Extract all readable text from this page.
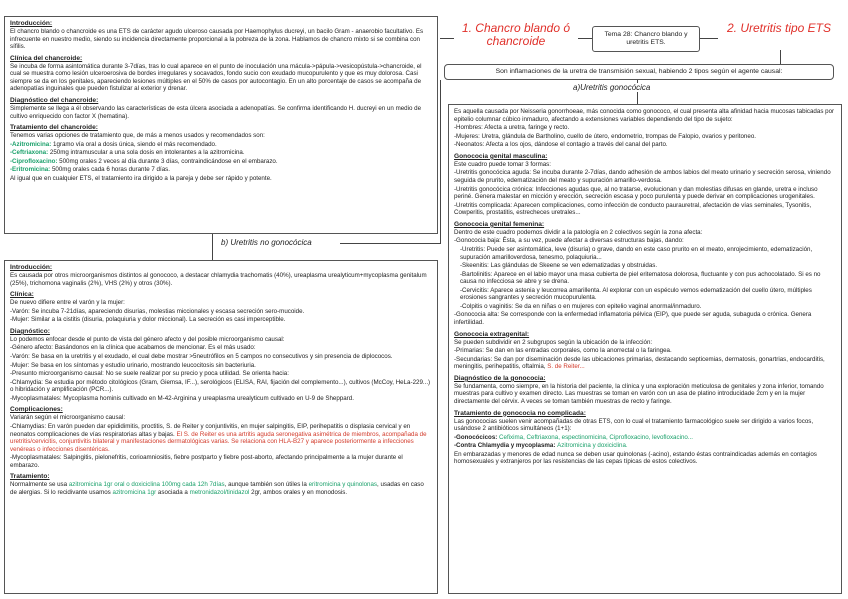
1. Chancro blando ó chancroide
2. Uretritis tipo ETS
Tema 28: Chancro blando y uretritis ETS.
Son inflamaciones de la uretra de transmisión sexual, habiendo 2 tipos según el agente causal:
a)Uretritis gonocócica
b) Uretritis no gonocócica
Introducción:

El chancro blando o chancroide es una ETS de carácter agudo ulceroso causada por Haemophylus ducreyi, un bacilo Gram - anaerobio facultativo. Es infrecuente en nuestro medio, siendo su incidencia directamente proporcional a la pobreza de la zona. Hablamos de chancro mixto si se combina con sífilis.

Clínica del chancroide:

Se incuba de forma asintomática durante 3-7días, tras lo cual aparece en el punto de inoculación una mácula->pápula->vesicopústula->chancroide, el cual se muestra como lesión ulceroerosiva de bordes irregulares y socavados, fondo sucio con exudado mucopurulento y que es muy dolorosa. Casi siempre se da en los genitales, apareciendo lesiones múltiples en el 50% de casos por autocontagio. En un alto porcentaje de casos se acompaña de adenopatías inguinales que pueden fistulizar al exterior y drenar.

Diagnóstico del chancroide:

Simplemente se llega a él observando las características de esta úlcera asociada a adenopatías. Se confirma identificando H. ducreyi en un medio de cultivo enriquecido con factor X (hematina).

Tratamiento del chancroide:

Tenemos varias opciones de tratamiento que, de más a menos usados y recomendados son:

-Azitromicina: 1gramo vía oral a dosis única, siendo el más recomendado.

-Ceftriaxona: 250mg intramuscular a una sola dosis en intolerantes a la azitromicina.

-Ciprofloxacino: 500mg orales 2 veces al día durante 3 días, contraindicándose en el embarazo.

-Eritromicina: 500mg orales cada 6 horas durante 7 días.

Al igual que en cualquier ETS, el tratamiento ira dirigido a la pareja y debe ser rápido y potente.

Introducción:

Es causada por otros microorganismos distintos al gonococo, a destacar chlamydia trachomatis (40%), ureaplasma urealyticum+mycoplasma genitalum (25%), trichomona vaginalis (2%), VHS (2%) y otros (30%).

Clínica:

De nuevo difiere entre el varón y la mujer:

-Varón: Se incuba 7-21días, apareciendo disurias, molestias miccionales y escasa secreción sero-mucoide.

-Mujer: Similar a la cistitis (disuria, polaquiuria y dolor miccional). La secreción es casi imperceptible.

Diagnóstico:

Lo podemos enfocar desde el punto de vista del género afecto y del posible microorganismo causal:

-Género afecto: Basándonos en la clínica que acabamos de mencionar. Es el más usado:

-Varón: Se basa en la uretritis y el exudado, el cual debe mostrar >5neutrófilos en 5 campos no consecutivos y sin presencia de diplococos.

-Mujer: Se basa en los síntomas y estudio urinario, mostrando leucocitosis sin bacteriuria.

-Presunto microorganismo causal: No se suele realizar por su precio y poca utilidad. Se orienta hacia:

-Chlamydia: Se estudia por método citológicos (Gram, Giemsa, IF...), serológicos (ELISA, RAI, fijación del complemento...), cultivos (McCoy, HeLa-229...) o hibridación y amplificación (PCR...).

-Mycoplasmatales: Mycoplasma hominis cultivado en M-42-Arginina y ureaplasma urealyticum cultivado en U-9 de Sheppard.

Complicaciones:

Variarán según el microorganismo causal:

-Chlamydias: En varón pueden dar epididimitis, proctitis, S. de Reiter y conjuntivitis, en mujer salpingitis, EIP, perihepatitis o displasia cervical y en neonatos complicaciones de vías respiratorias altas y bajas. El S. de Reiter es una artritis aguda seronegativa asimétrica de miembros, acompañada de uretritis/cervicitis, conjuntivitis bilateral y manifestaciones dermatológicas varias. Se relaciona con HLA-B27 y aparece posteriormente a infecciones venéreas o infecciones disentéricas.

-Mycoplasmatales: Salpingitis, pielonefritis, corioamniositis, fiebre postparto y fiebre post-aborto, afectando principalmente a la mujer durante el embarazo.

Tratamiento:

Normalmente se usa azitromicina 1gr oral o doxiciclina 100mg cada 12h 7días, aunque también son útiles la eritromicina y quinolonas, usadas en caso de alergias. Si lo recidivante usamos azitromicina 1gr asociada a metronidazol/tinidazol 2gr, ambos orales y en monodosis.

Es aquella causada por Neisseria gonorrhoeae, más conocida como gonococo, el cual presenta alta afinidad hacia mucosas tabicadas por epitelio columnar cúbico inmaduro, afectando a extensiones variables dependiendo del tipo de sujeto:

-Hombres: Afecta a uretra, faringe y recto.

-Mujeres: Uretra, glándula de Bartholino, cuello de útero, endometrio, trompas de Falopio, ovarios y peritoneo.

-Neonatos: Afecta a los ojos, dándose el contagio a través del canal del parto.

Gonococia genital masculina:

Este cuadro puede tomar 3 formas:

-Uretritis gonocócica aguda: Se incuba durante 2-7días, dando adhesión de ambos labios del meato urinario y secreción serosa, viniendo seguida de prurito, edematización del meato y supuración amarillo-verdosa.

-Uretritis gonocócica crónica: Infecciones agudas que, al no tratarse, evolucionan y dan molestias difusas en glande, uretra e incluso periné. Genera malestar en micción y erección, secreción escasa y poco purulenta y puede derivar en complicaciones urogenitales.

-Uretritis complicada: Aparecen complicaciones, como infección de conducto paurauretral, afectación de vías seminales, Tysonitis, Cowperitis, prostatitis, estrecheces uretrales...

Gonococia genital femenina:

Dentro de este cuadro podemos dividir a la patología en 2 colectivos según la zona afecta:

-Gonococia baja: Ésta, a su vez, puede afectar a diversas estructuras bajas, dando:

-Uretritis: Puede ser asintomática, leve (disuria) o grave, dando en este caso prurito en el meato, enrojecimiento, edematización, supuración amarilloverdosa, tenesmo, polaquiuria...

-Skeenitis: Las glándulas de Skeene se ven edematizadas y obstruidas.

-Bartolinitis: Aparece en el labio mayor una masa cubierta de piel eritematosa dolorosa, fluctuante y con pus achocolatado. Si es no causa no infecciosa se abre y se drena.

-Cervicitis: Aparece astenia y leucorrea amarillenta. Al explorar con un espéculo vemos edematización del cuello útero, múltiples erosiones sangrantes y secreción mucopurulenta.

-Colpitis o vaginitis: Se da en niñas o en mujeres con epitelio vaginal anormal/inmaduro.

-Gonococia alta: Se corresponde con la enfermedad inflamatoria pélvica (EIP), que puede ser aguda, subaguda o crónica. Genera infertilidad.

Gonococia extragenital:

Se pueden subdividir en 2 subgrupos según la ubicación de la infección:

-Primarias: Se dan en las entradas corporales, como la anorrectal o la faringea.

-Secundarias: Se dan por diseminación desde las ubicaciones primarias, destacando septicemias, dermatosis, gonartrias, endocarditis, meningitis, perihepatitis, oftalmia, S. de Reiter...

Diagnóstico de la gonococia:

Se fundamenta, como siempre, en la historia del paciente, la clínica y una exploración meticulosa de genitales y zona inferior, tomando muestras para cultivo y examen directo. Las muestras se toman en varón con un asa de platino introducidade 2cm y en la mujer directamente del cérvix. A veces se toman también muestras de recto y faringe.

Tratamiento de gonococia no complicada:

Las gonococias suelen venir acompañadas de otras ETS, con lo cual el tratamiento farmacológico suele ser dirigido a varios focos, usándose 2 antibióticos simultáneos (1+1):

-Gonocócicos: Cefixima, Ceftriaxona, espectinomicina, Ciprofloxacino, levofloxacino...

-Contra Chlamydia y mycoplasma: Azitromicina y doxiciclina.

En embarazadas y menores de edad nunca se deben usar quinolonas (-acino), estando éstas contraindicadas además en contagios homosexuales y extranjeros por las resistencias de las cepas típicas de estos colectivos.
